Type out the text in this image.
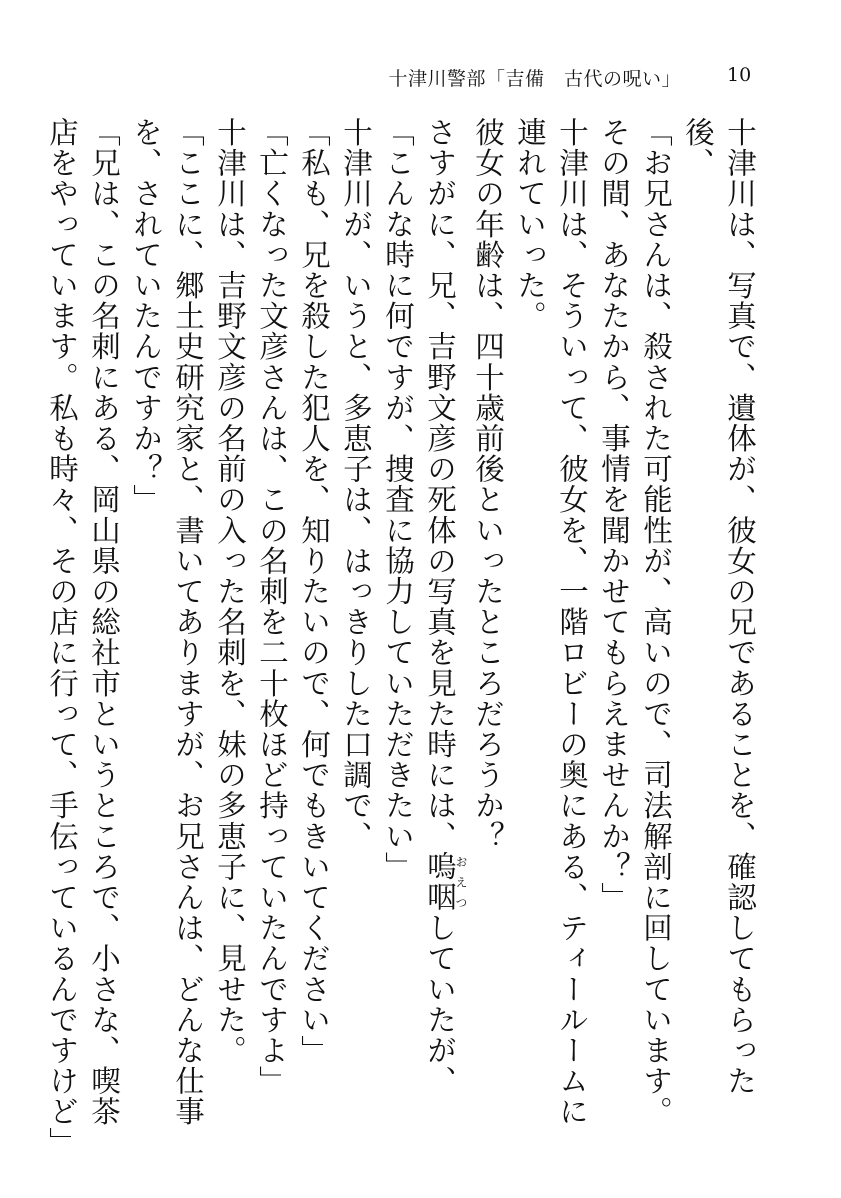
十津川警部「吉備　古代の呪い」 10

十津川は、写真で、遺体が、彼女の兄であることを、確認してもらった後、

「お兄さんは、殺された可能性が、高いので、司法解剖に回しています。その間、あなたから、事情を聞かせてもらえませんか？」

十津川は、そういって、彼女を、一階ロビーの奥にある、ティールームに連れていった。

彼女の年齢は、四十歳前後といったところだろうか？

さすがに、兄、吉野文彦の死体の写真を見た時には、嗚咽おえつしていたが、

「こんな時に何ですが、捜査に協力していただきたい」

十津川が、いうと、多恵子は、はっきりした口調で、

「私も、兄を殺した犯人を、知りたいので、何でもきいてください」

「亡くなった文彦さんは、この名刺を二十枚ほど持っていたんですよ」

十津川は、吉野文彦の名前の入った名刺を、妹の多恵子に、見せた。

「ここに、郷土史研究家と、書いてありますが、お兄さんは、どんな仕事を、されていたんですか？」

「兄は、この名刺にある、岡山県の総社市というところで、小さな、喫茶店をやっています。私も時々、その店に行って、手伝っているんですけど」
